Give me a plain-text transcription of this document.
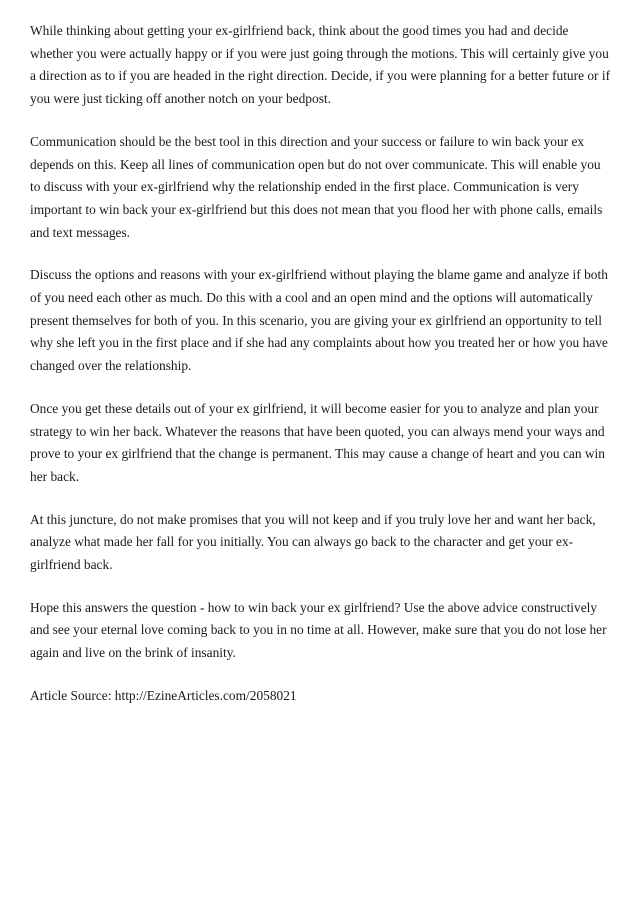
While thinking about getting your ex-girlfriend back, think about the good times you had and decide whether you were actually happy or if you were just going through the motions. This will certainly give you a direction as to if you are headed in the right direction. Decide, if you were planning for a better future or if you were just ticking off another notch on your bedpost.

Communication should be the best tool in this direction and your success or failure to win back your ex depends on this. Keep all lines of communication open but do not over communicate. This will enable you to discuss with your ex-girlfriend why the relationship ended in the first place. Communication is very important to win back your ex-girlfriend but this does not mean that you flood her with phone calls, emails and text messages.

Discuss the options and reasons with your ex-girlfriend without playing the blame game and analyze if both of you need each other as much. Do this with a cool and an open mind and the options will automatically present themselves for both of you. In this scenario, you are giving your ex girlfriend an opportunity to tell why she left you in the first place and if she had any complaints about how you treated her or how you have changed over the relationship.

Once you get these details out of your ex girlfriend, it will become easier for you to analyze and plan your strategy to win her back. Whatever the reasons that have been quoted, you can always mend your ways and prove to your ex girlfriend that the change is permanent. This may cause a change of heart and you can win her back.

At this juncture, do not make promises that you will not keep and if you truly love her and want her back, analyze what made her fall for you initially. You can always go back to the character and get your ex-girlfriend back.

Hope this answers the question - how to win back your ex girlfriend? Use the above advice constructively and see your eternal love coming back to you in no time at all. However, make sure that you do not lose her again and live on the brink of insanity.

Article Source: http://EzineArticles.com/2058021
